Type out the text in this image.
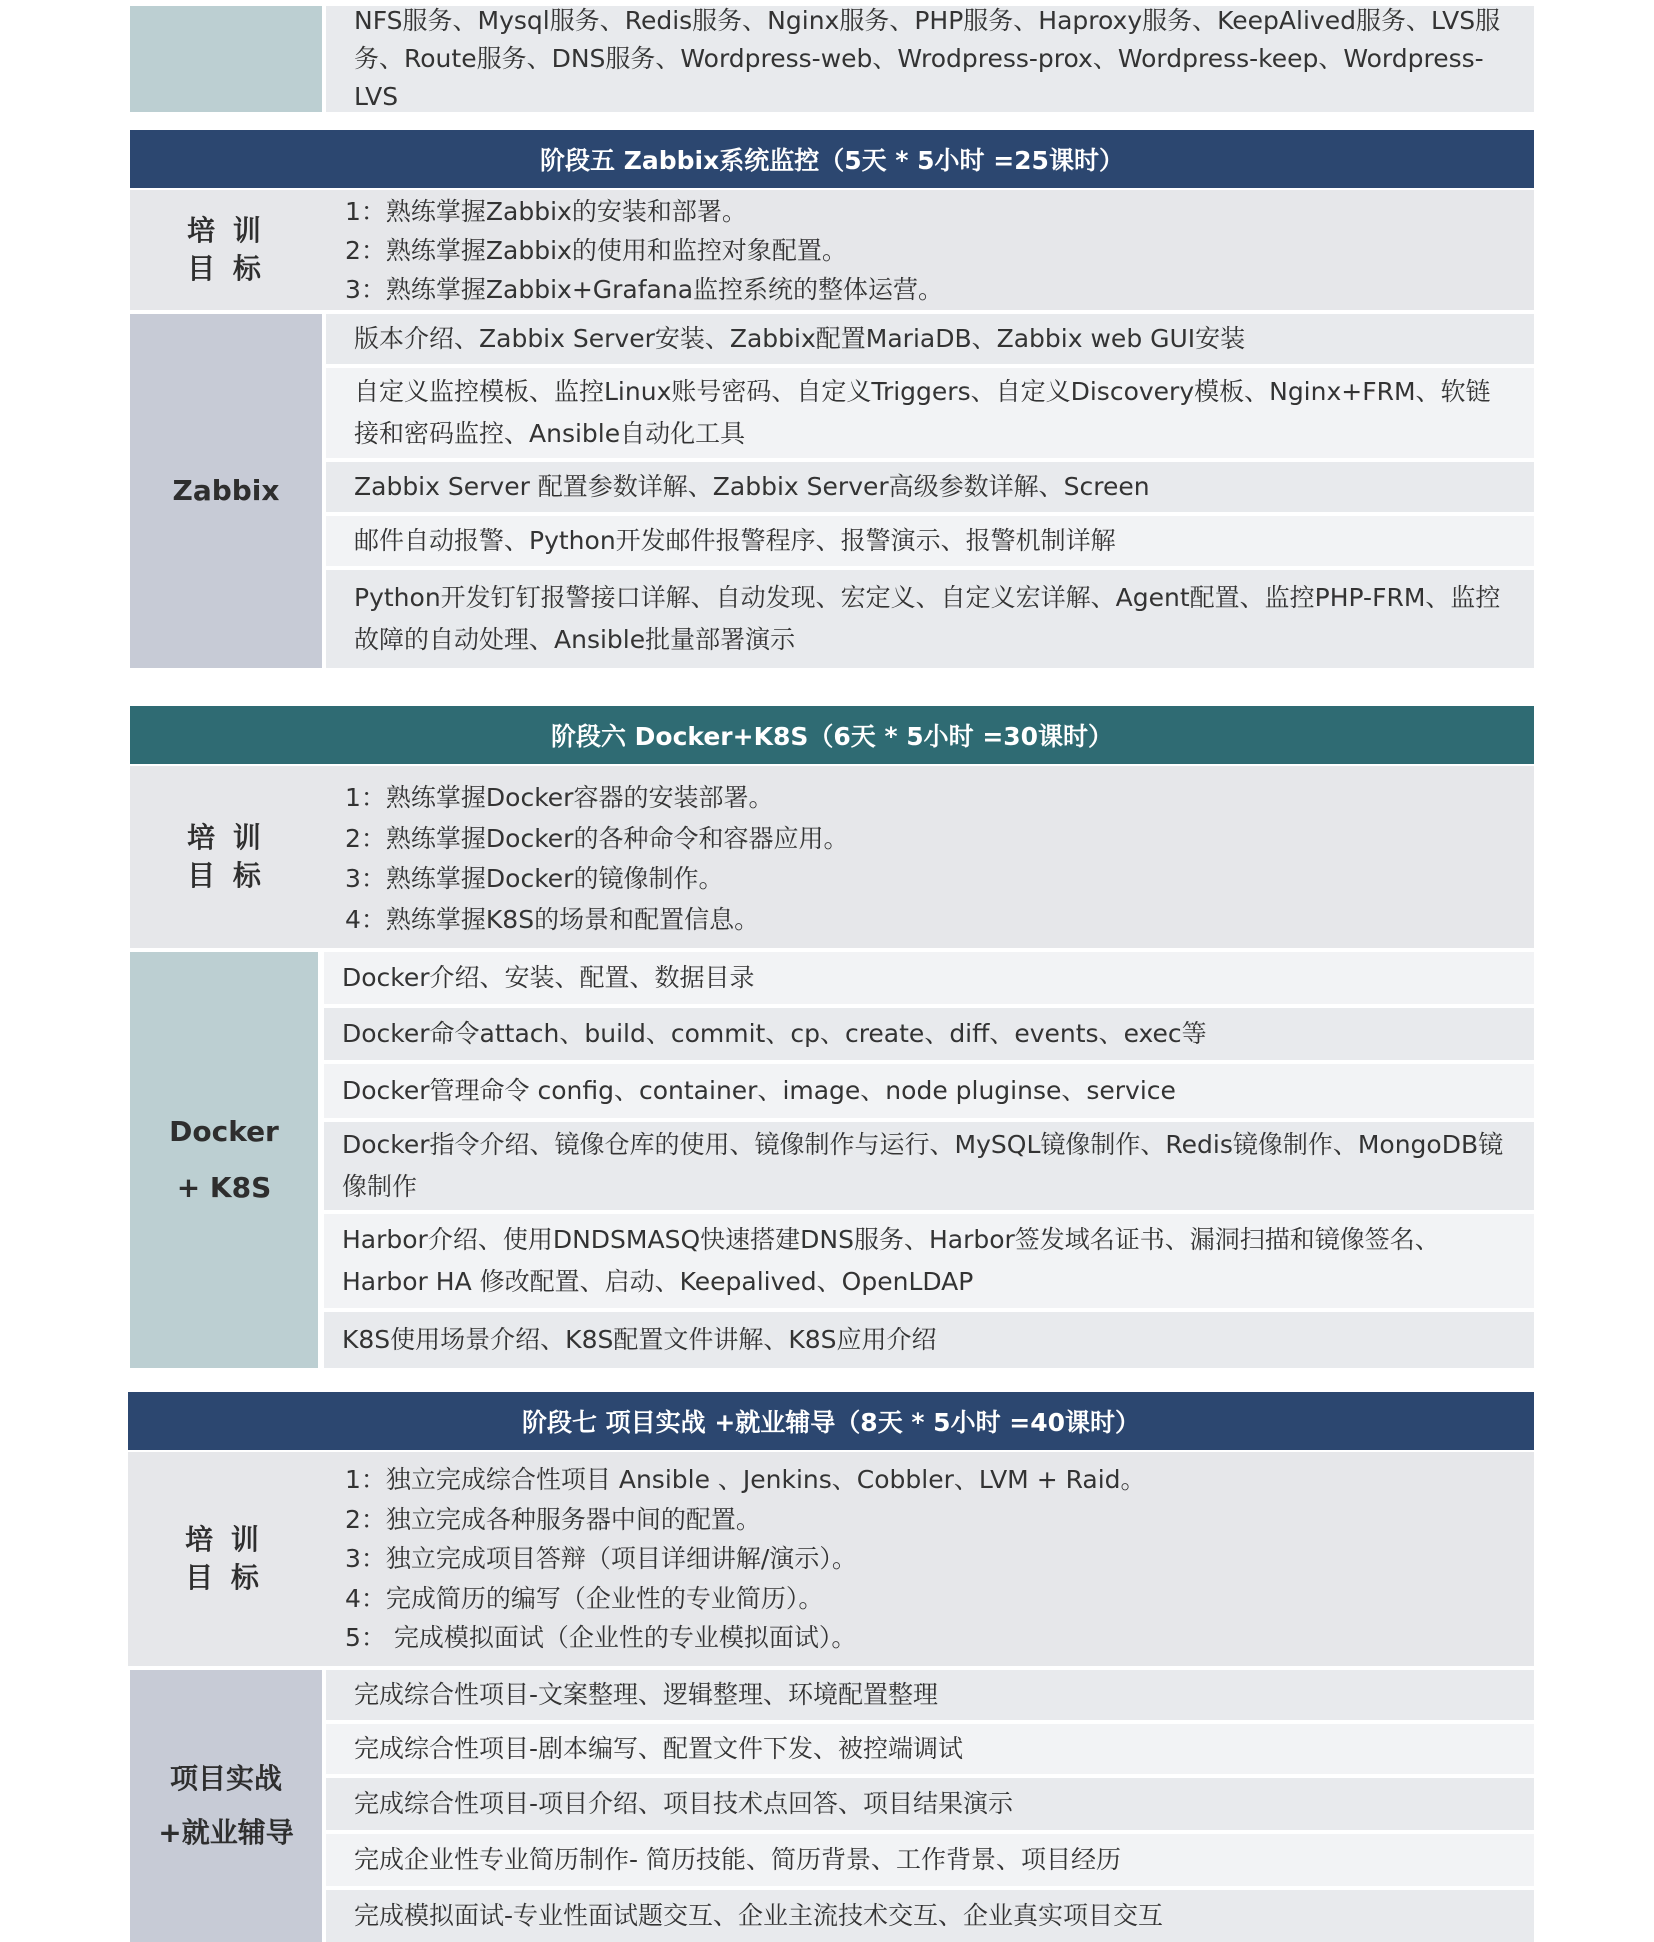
NFS服务、Mysql服务、Redis服务、Nginx服务、PHP服务、Haproxy服务、KeepAlived服务、LVS服务、Route服务、DNS服务、Wordpress-web、Wrodpress-prox、Wordpress-keep、Wordpress-LVS
阶段五 Zabbix系统监控（5天 * 5小时 =25课时）
培 训
目 标
Zabbix
版本介绍、Zabbix Server安装、Zabbix配置MariaDB、Zabbix web GUI安装
自定义监控模板、监控Linux账号密码、自定义Triggers、自定义Discovery模板、Nginx+FRM、软链接和密码监控、Ansible自动化工具
Zabbix Server 配置参数详解、Zabbix Server高级参数详解、Screen
邮件自动报警、Python开发邮件报警程序、报警演示、报警机制详解
Python开发钉钉报警接口详解、自动发现、宏定义、自定义宏详解、Agent配置、监控PHP-FRM、监控故障的自动处理、Ansible批量部署演示
阶段六 Docker+K8S（6天 * 5小时 =30课时）
培 训
目 标
Docker
+ K8S
Docker介绍、安装、配置、数据目录
Docker命令attach、build、commit、cp、create、diff、events、exec等
Docker管理命令 config、container、image、node pluginse、service
Docker指令介绍、镜像仓库的使用、镜像制作与运行、MySQL镜像制作、Redis镜像制作、MongoDB镜像制作
Harbor介绍、使用DNDSMASQ快速搭建DNS服务、Harbor签发域名证书、漏洞扫描和镜像签名、Harbor HA 修改配置、启动、Keepalived、OpenLDAP
K8S使用场景介绍、K8S配置文件讲解、K8S应用介绍
阶段七 项目实战 +就业辅导（8天 * 5小时 =40课时）
培 训
目 标
项目实战
+就业辅导
完成综合性项目-文案整理、逻辑整理、环境配置整理
完成综合性项目-剧本编写、配置文件下发、被控端调试
完成综合性项目-项目介绍、项目技术点回答、项目结果演示
完成企业性专业简历制作- 简历技能、简历背景、工作背景、项目经历
完成模拟面试-专业性面试题交互、企业主流技术交互、企业真实项目交互
1：熟练掌握Zabbix的安装和部署。
2：熟练掌握Zabbix的使用和监控对象配置。
3：熟练掌握Zabbix+Grafana监控系统的整体运营。
1：熟练掌握Docker容器的安装部署。
2：熟练掌握Docker的各种命令和容器应用。
3：熟练掌握Docker的镜像制作。
4：熟练掌握K8S的场景和配置信息。
1：独立完成综合性项目 Ansible 、Jenkins、Cobbler、LVM + Raid。
2：独立完成各种服务器中间的配置。
3：独立完成项目答辩（项目详细讲解/演示）。
4：完成简历的编写（企业性的专业简历）。
5： 完成模拟面试（企业性的专业模拟面试）。
